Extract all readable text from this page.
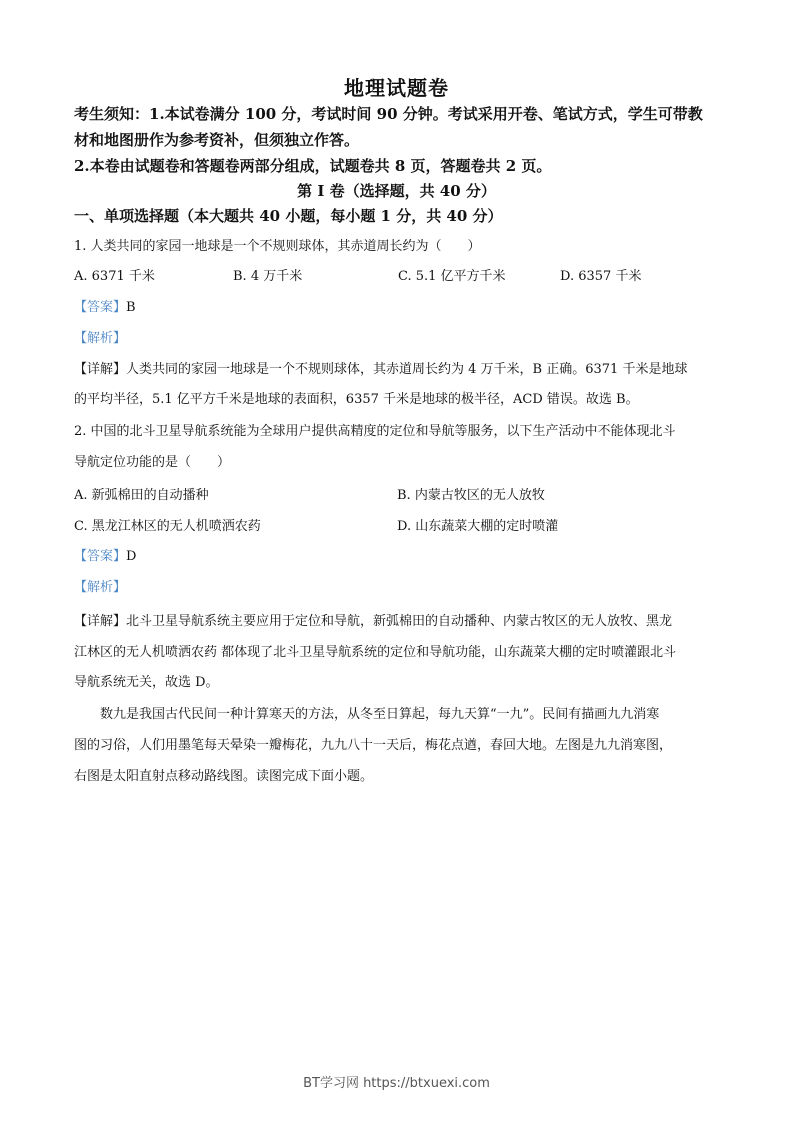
地理试题卷
考生须知：1.本试卷满分 100 分，考试时间 90 分钟。考试采用开卷、笔试方式，学生可带教
材和地图册作为参考资补，但须独立作答。
2.本卷由试题卷和答题卷两部分组成，试题卷共 8 页，答题卷共 2 页。
第 I 卷（选择题，共 40 分）
一、单项选择题（本大题共 40 小题，每小题 1 分，共 40 分）
1. 人类共同的家园一地球是一个不规则球体，其赤道周长约为（　　）
A. 6371 千米	B. 4 万千米	C. 5.1 亿平方千米	D. 6357 千米
【答案】B
【解析】
【详解】人类共同的家园一地球是一个不规则球体，其赤道周长约为 4 万千米，B 正确。6371 千米是地球
的平均半径，5.1 亿平方千米是地球的表面积，6357 千米是地球的极半径，ACD 错误。故选 B。
2. 中国的北斗卫星导航系统能为全球用户提供高精度的定位和导航等服务，以下生产活动中不能体现北斗
导航定位功能的是（　　）
A. 新弧棉田的自动播种	B. 内蒙古牧区的无人放牧
C. 黑龙江林区的无人机喷洒农药	D. 山东蔬菜大棚的定时喷灌
【答案】D
【解析】
【详解】北斗卫星导航系统主要应用于定位和导航，新弧棉田的自动播种、内蒙古牧区的无人放牧、黑龙
江林区的无人机喷洒农药 都体现了北斗卫星导航系统的定位和导航功能，山东蔬菜大棚的定时喷灌跟北斗
导航系统无关，故选 D。
数九是我国古代民间一种计算寒天的方法，从冬至日算起，每九天算“一九”。民间有描画九九消寒
图的习俗，人们用墨笔每天晕染一瓣梅花，九九八十一天后，梅花点遒，春回大地。左图是九九消寒图，
右图是太阳直射点移动路线图。读图完成下面小题。
BT学习网 https://btxuexi.com
